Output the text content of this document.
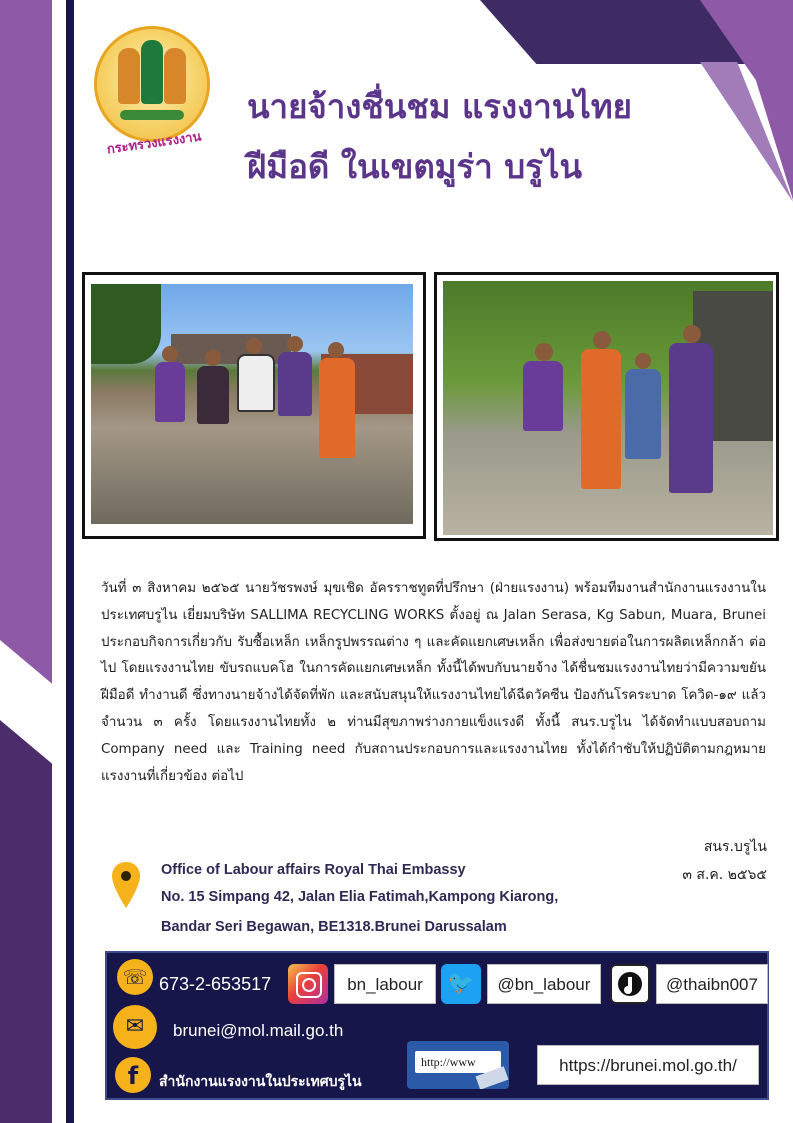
กระทรวงแรงงาน
นายจ้างชื่นชม แรงงานไทย
ฝีมือดี ในเขตมูร่า บรูไน
วันที่ ๓ สิงหาคม ๒๕๖๕ นายวัชรพงษ์ มุขเชิด อัครราชทูตที่ปรึกษา (ฝ่ายแรงงาน) พร้อมทีมงานสำนักงานแรงงานในประเทศบรูไน เยี่ยมบริษัท SALLIMA RECYCLING WORKS ตั้งอยู่ ณ Jalan Serasa, Kg Sabun, Muara, Brunei ประกอบกิจการเกี่ยวกับ รับซื้อเหล็ก เหล็กรูปพรรณต่าง ๆ และคัดแยกเศษเหล็ก เพื่อส่งขายต่อในการผลิตเหล็กกล้า ต่อไป โดยแรงงานไทย ขับรถแบคโฮ ในการคัดแยกเศษเหล็ก ทั้งนี้ได้พบกับนายจ้าง ได้ชื่นชมแรงงานไทยว่ามีความขยัน ฝีมือดี ทำงานดี ซึ่งทางนายจ้างได้จัดที่พัก และสนับสนุนให้แรงงานไทยได้ฉีดวัคซีน ป้องกันโรคระบาด โควิด-๑๙ แล้ว จำนวน ๓ ครั้ง โดยแรงงานไทยทั้ง ๒ ท่านมีสุขภาพร่างกายแข็งแรงดี ทั้งนี้ สนร.บรูไน ได้จัดทำแบบสอบถาม Company need และ Training need กับสถานประกอบการและแรงงานไทย ทั้งได้กำชับให้ปฏิบัติตามกฎหมายแรงงานที่เกี่ยวข้อง ต่อไป
สนร.บรูไน
๓ ส.ค. ๒๕๖๕
Office of Labour affairs Royal Thai Embassy
No. 15 Simpang 42, Jalan Elia Fatimah,Kampong Kiarong,
Bandar Seri Begawan, BE1318.Brunei Darussalam
☏ 673-2-653517	bn_labour	🐦	@bn_labour	@thaibn007
✉	brunei@mol.mail.go.th
f	สำนักงานแรงงานในประเทศบรูไน
http://www	https://brunei.mol.go.th/
